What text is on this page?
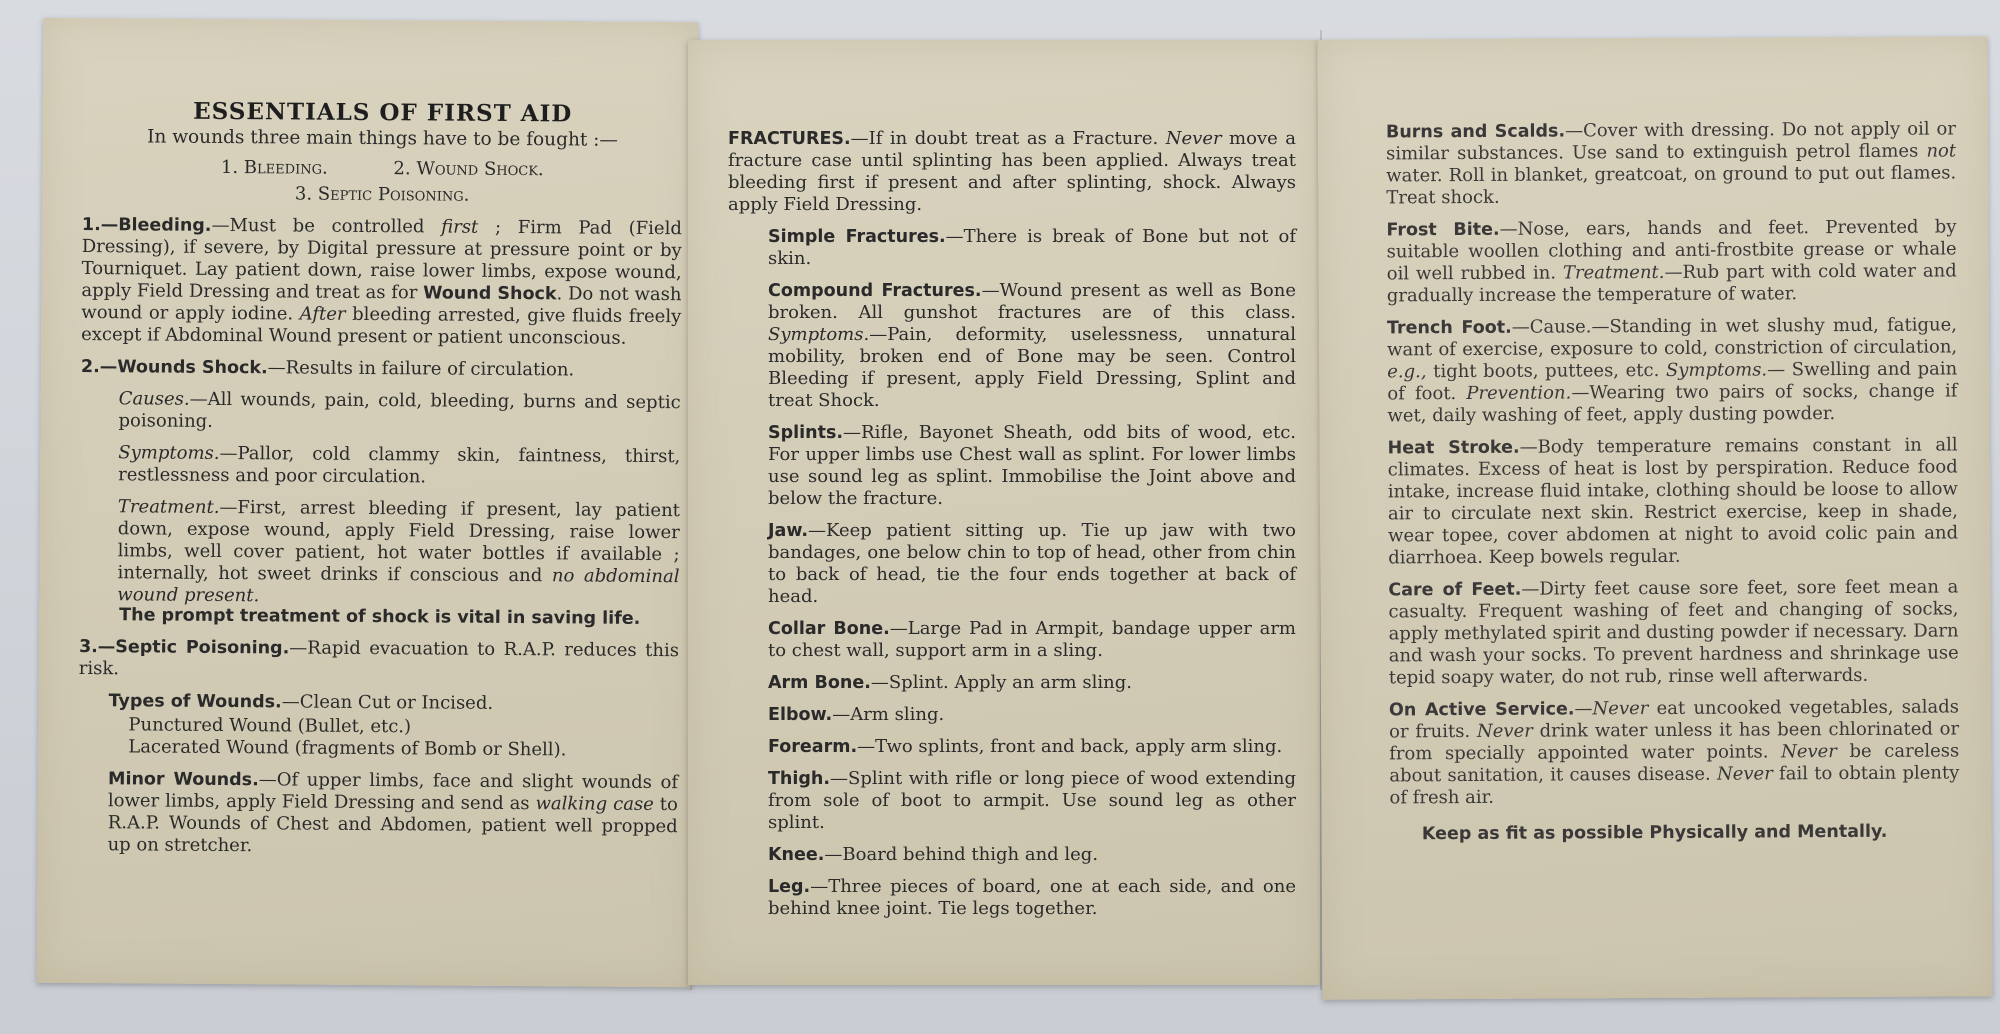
ESSENTIALS OF FIRST AID
In wounds three main things have to be fought :—
1. Bleeding.	2. Wound Shock.
3. Septic Poisoning.

1.—Bleeding.—Must be controlled first ; Firm Pad (Field Dressing), if severe, by Digital pressure at pressure point or by Tourniquet. Lay patient down, raise lower limbs, expose wound, apply Field Dressing and treat as for Wound Shock. Do not wash wound or apply iodine. After bleeding arrested, give fluids freely except if Abdominal Wound present or patient unconscious.

2.—Wounds Shock.—Results in failure of circulation.

Causes.—All wounds, pain, cold, bleeding, burns and septic poisoning.

Symptoms.—Pallor, cold clammy skin, faintness, thirst, restlessness and poor circulation.

Treatment.—First, arrest bleeding if present, lay patient down, expose wound, apply Field Dressing, raise lower limbs, well cover patient, hot water bottles if available ; internally, hot sweet drinks if conscious and no abdominal wound present.

The prompt treatment of shock is vital in saving life.

3.—Septic Poisoning.—Rapid evacuation to R.A.P. reduces this risk.

Types of Wounds.—Clean Cut or Incised.

Punctured Wound (Bullet, etc.)
Lacerated Wound (fragments of Bomb or Shell).

Minor Wounds.—Of upper limbs, face and slight wounds of lower limbs, apply Field Dressing and send as walking case to R.A.P. Wounds of Chest and Abdomen, patient well propped up on stretcher.

FRACTURES.—If in doubt treat as a Fracture. Never move a fracture case until splinting has been applied. Always treat bleeding first if present and after splinting, shock. Always apply Field Dressing.

Simple Fractures.—There is break of Bone but not of skin.

Compound Fractures.—Wound present as well as Bone broken. All gunshot fractures are of this class. Symptoms.—Pain, deformity, uselessness, unnatural mobility, broken end of Bone may be seen. Control Bleeding if present, apply Field Dressing, Splint and treat Shock.

Splints.—Rifle, Bayonet Sheath, odd bits of wood, etc. For upper limbs use Chest wall as splint. For lower limbs use sound leg as splint. Immobilise the Joint above and below the fracture.

Jaw.—Keep patient sitting up. Tie up jaw with two bandages, one below chin to top of head, other from chin to back of head, tie the four ends together at back of head.

Collar Bone.—Large Pad in Armpit, bandage upper arm to chest wall, support arm in a sling.

Arm Bone.—Splint. Apply an arm sling.

Elbow.—Arm sling.

Forearm.—Two splints, front and back, apply arm sling.

Thigh.—Splint with rifle or long piece of wood extending from sole of boot to armpit. Use sound leg as other splint.

Knee.—Board behind thigh and leg.

Leg.—Three pieces of board, one at each side, and one behind knee joint. Tie legs together.

Burns and Scalds.—Cover with dressing. Do not apply oil or similar substances. Use sand to extinguish petrol flames not water. Roll in blanket, greatcoat, on ground to put out flames. Treat shock.

Frost Bite.—Nose, ears, hands and feet. Prevented by suitable woollen clothing and anti-frostbite grease or whale oil well rubbed in. Treatment.—Rub part with cold water and gradually increase the temperature of water.

Trench Foot.—Cause.—Standing in wet slushy mud, fatigue, want of exercise, exposure to cold, constriction of circulation, e.g., tight boots, puttees, etc. Symptoms.— Swelling and pain of foot. Prevention.—Wearing two pairs of socks, change if wet, daily washing of feet, apply dusting powder.

Heat Stroke.—Body temperature remains constant in all climates. Excess of heat is lost by perspiration. Reduce food intake, increase fluid intake, clothing should be loose to allow air to circulate next skin. Restrict exercise, keep in shade, wear topee, cover abdomen at night to avoid colic pain and diarrhoea. Keep bowels regular.

Care of Feet.—Dirty feet cause sore feet, sore feet mean a casualty. Frequent washing of feet and changing of socks, apply methylated spirit and dusting powder if necessary. Darn and wash your socks. To prevent hardness and shrinkage use tepid soapy water, do not rub, rinse well afterwards.

On Active Service.—Never eat uncooked vegetables, salads or fruits. Never drink water unless it has been chlorinated or from specially appointed water points. Never be careless about sanitation, it causes disease. Never fail to obtain plenty of fresh air.

Keep as fit as possible Physically and Mentally.
